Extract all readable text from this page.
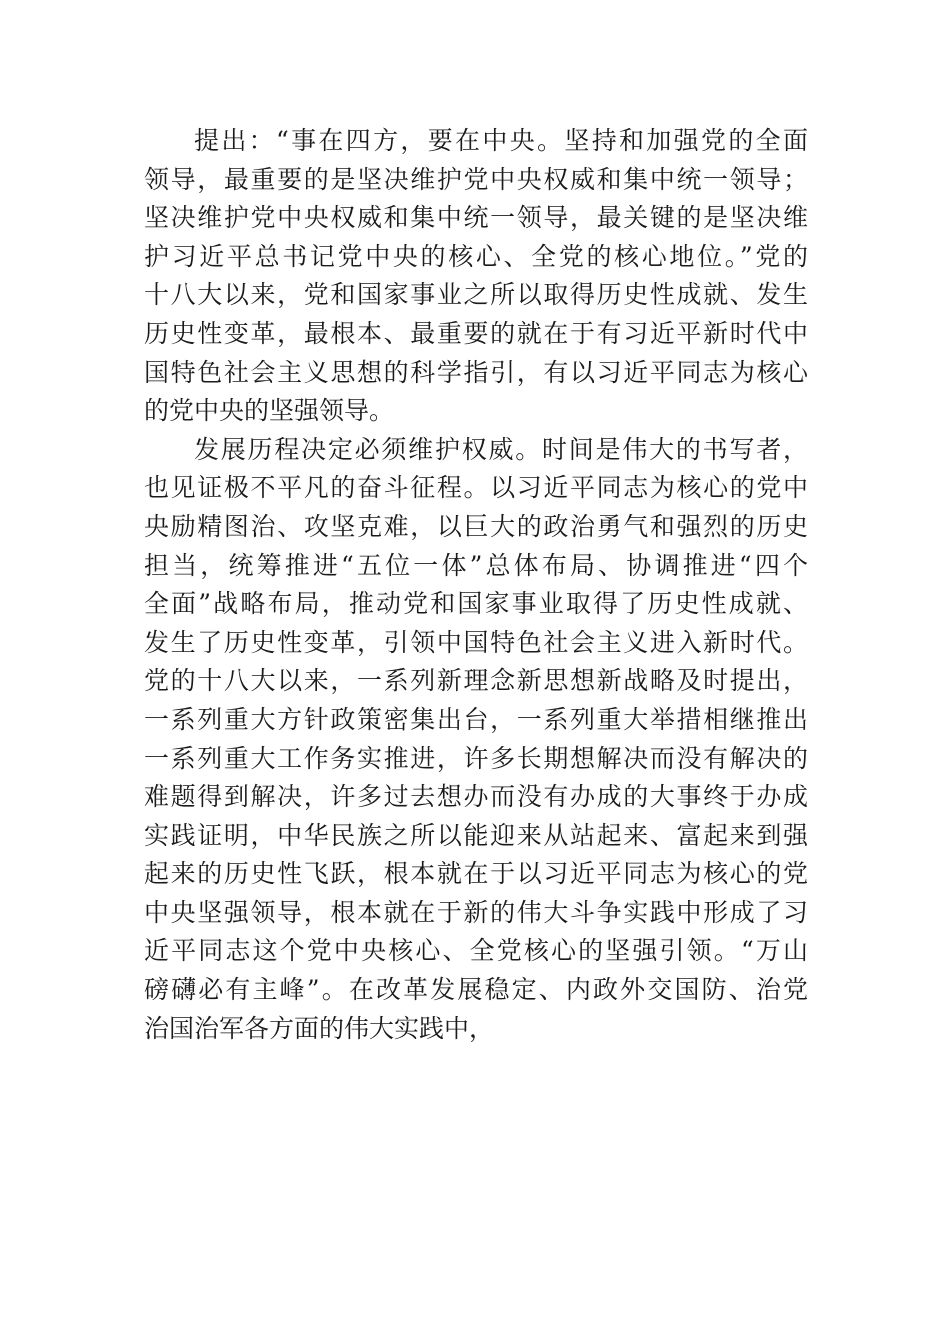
提出：“事在四方，要在中央。坚持和加强党的全面
领导，最重要的是坚决维护党中央权威和集中统一领导；
坚决维护党中央权威和集中统一领导，最关键的是坚决维
护习近平总书记党中央的核心、全党的核心地位。”党的
十八大以来，党和国家事业之所以取得历史性成就、发生
历史性变革，最根本、最重要的就在于有习近平新时代中
国特色社会主义思想的科学指引，有以习近平同志为核心
的党中央的坚强领导。
发展历程决定必须维护权威。时间是伟大的书写者，
也见证极不平凡的奋斗征程。以习近平同志为核心的党中
央励精图治、攻坚克难，以巨大的政治勇气和强烈的历史
担当，统筹推进“五位一体”总体布局、协调推进“四个
全面”战略布局，推动党和国家事业取得了历史性成就、
发生了历史性变革，引领中国特色社会主义进入新时代。
党的十八大以来，一系列新理念新思想新战略及时提出，
一系列重大方针政策密集出台，一系列重大举措相继推出
一系列重大工作务实推进，许多长期想解决而没有解决的
难题得到解决，许多过去想办而没有办成的大事终于办成
实践证明，中华民族之所以能迎来从站起来、富起来到强
起来的历史性飞跃，根本就在于以习近平同志为核心的党
中央坚强领导，根本就在于新的伟大斗争实践中形成了习
近平同志这个党中央核心、全党核心的坚强引领。“万山
磅礴必有主峰”。在改革发展稳定、内政外交国防、治党
治国治军各方面的伟大实践中，
